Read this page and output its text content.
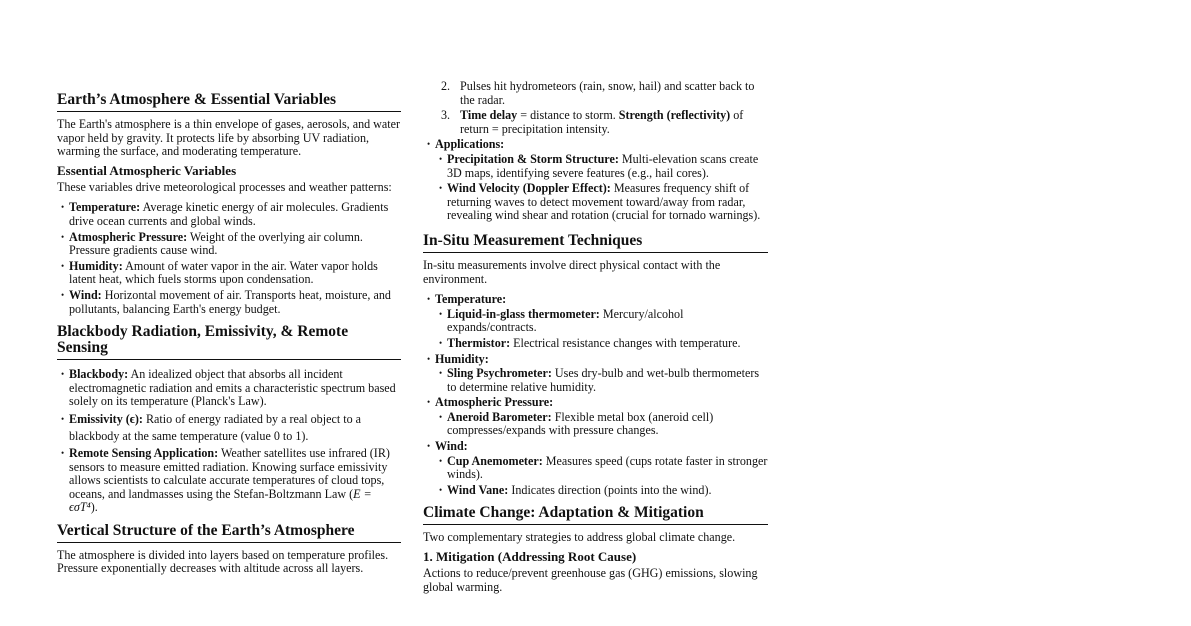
Earth’s Atmosphere & Essential Variables

The Earth's atmosphere is a thin envelope of gases, aerosols, and water vapor held by gravity. It protects life by absorbing UV radiation, warming the surface, and moderating temperature.

Essential Atmospheric Variables

These variables drive meteorological processes and weather patterns:

• Temperature: Average kinetic energy of air molecules. Gradients drive ocean currents and global winds.
• Atmospheric Pressure: Weight of the overlying air column. Pressure gradients cause wind.
• Humidity: Amount of water vapor in the air. Water vapor holds latent heat, which fuels storms upon condensation.
• Wind: Horizontal movement of air. Transports heat, moisture, and pollutants, balancing Earth's energy budget.
Blackbody Radiation, Emissivity, & Remote Sensing
• Blackbody: An idealized object that absorbs all incident electromagnetic radiation and emits a characteristic spectrum based solely on its temperature (Planck's Law).
• Emissivity (ϵ): Ratio of energy radiated by a real object to a blackbody at the same temperature (value 0 to 1).
• Remote Sensing Application: Weather satellites use infrared (IR) sensors to measure emitted radiation. Knowing surface emissivity allows scientists to calculate accurate temperatures of cloud tops, oceans, and landmasses using the Stefan-Boltzmann Law (E = ϵσT⁴).
Vertical Structure of the Earth’s Atmosphere

The atmosphere is divided into layers based on temperature profiles. Pressure exponentially decreases with altitude across all layers.

2. Pulses hit hydrometeors (rain, snow, hail) and scatter back to the radar.
3. Time delay = distance to storm. Strength (reflectivity) of return = precipitation intensity.
• Applications:
• Precipitation & Storm Structure: Multi-elevation scans create 3D maps, identifying severe features (e.g., hail cores).
• Wind Velocity (Doppler Effect): Measures frequency shift of returning waves to detect movement toward/away from radar, revealing wind shear and rotation (crucial for tornado warnings).
In-Situ Measurement Techniques

In-situ measurements involve direct physical contact with the environment.

• Temperature:
• Liquid-in-glass thermometer: Mercury/alcohol expands/contracts.
• Thermistor: Electrical resistance changes with temperature.
• Humidity:
• Sling Psychrometer: Uses dry-bulb and wet-bulb thermometers to determine relative humidity.
• Atmospheric Pressure:
• Aneroid Barometer: Flexible metal box (aneroid cell) compresses/expands with pressure changes.
• Wind:
• Cup Anemometer: Measures speed (cups rotate faster in stronger winds).
• Wind Vane: Indicates direction (points into the wind).
Climate Change: Adaptation & Mitigation

Two complementary strategies to address global climate change.

1. Mitigation (Addressing Root Cause)

Actions to reduce/prevent greenhouse gas (GHG) emissions, slowing global warming.
